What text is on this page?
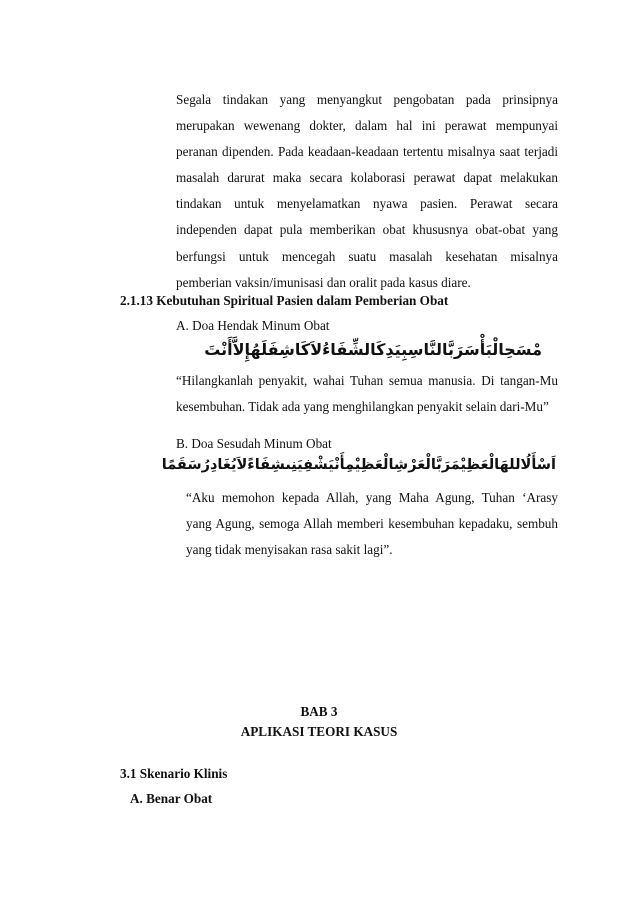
Segala tindakan yang menyangkut pengobatan pada prinsipnya
merupakan wewenang dokter, dalam hal ini perawat mempunyai
peranan dipenden. Pada keadaan-keadaan tertentu misalnya saat terjadi
masalah darurat maka secara kolaborasi perawat dapat melakukan
tindakan untuk menyelamatkan nyawa pasien. Perawat secara
independen dapat pula memberikan obat khususnya obat-obat yang
berfungsi untuk mencegah suatu masalah kesehatan misalnya
pemberian vaksin/imunisasi dan oralit pada kasus diare.
2.1.13 Kebutuhan Spiritual Pasien dalam Pemberian Obat
A. Doa Hendak Minum Obat
مْسَحِالْبَأْسَرَبَّالنَّاسِبِيَدِكَالشِّفَاءُلاَكَاشِفَلَهُإِلاَّأَنْتَ
“Hilangkanlah penyakit, wahai Tuhan semua manusia. Di tangan-Mu
kesembuhan. Tidak ada yang menghilangkan penyakit selain dari-Mu”
B. Doa Sesudah Minum Obat
اَسْأَلُاللهَالْعَظِيْمَرَبَّالْعَرْشِالْعَظِيْمِأَنْيَشْفِيَنِىشِفَاءًلاَيُغَادِرُسَقَمًا
“Aku memohon kepada Allah, yang Maha Agung, Tuhan ‘Arasy
yang Agung, semoga Allah memberi kesembuhan kepadaku, sembuh
yang tidak menyisakan rasa sakit lagi”.
BAB 3
APLIKASI TEORI KASUS
3.1 Skenario Klinis
A. Benar Obat
